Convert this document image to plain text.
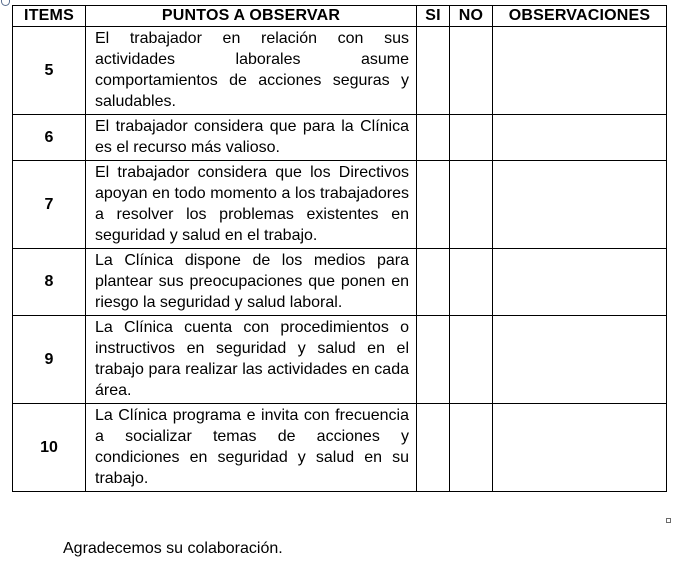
ITEMS	PUNTOS A OBSERVAR	SI	NO	OBSERVACIONES
5	El trabajador en relación con sus actividades laborales asume comportamientos de acciones seguras y saludables.			
6	El trabajador considera que para la Clínica es el recurso más valioso.			
7	El trabajador considera que los Directivos apoyan en todo momento a los trabajadores a resolver los problemas existentes en seguridad y salud en el trabajo.			
8	La Clínica dispone de los medios para plantear sus preocupaciones que ponen en riesgo la seguridad y salud laboral.			
9	La Clínica cuenta con procedimientos o instructivos en seguridad y salud en el trabajo para realizar las actividades en cada área.			
10	La Clínica programa e invita con frecuencia a socializar temas de acciones y condiciones en seguridad y salud en su trabajo.			
Agradecemos su colaboración.
